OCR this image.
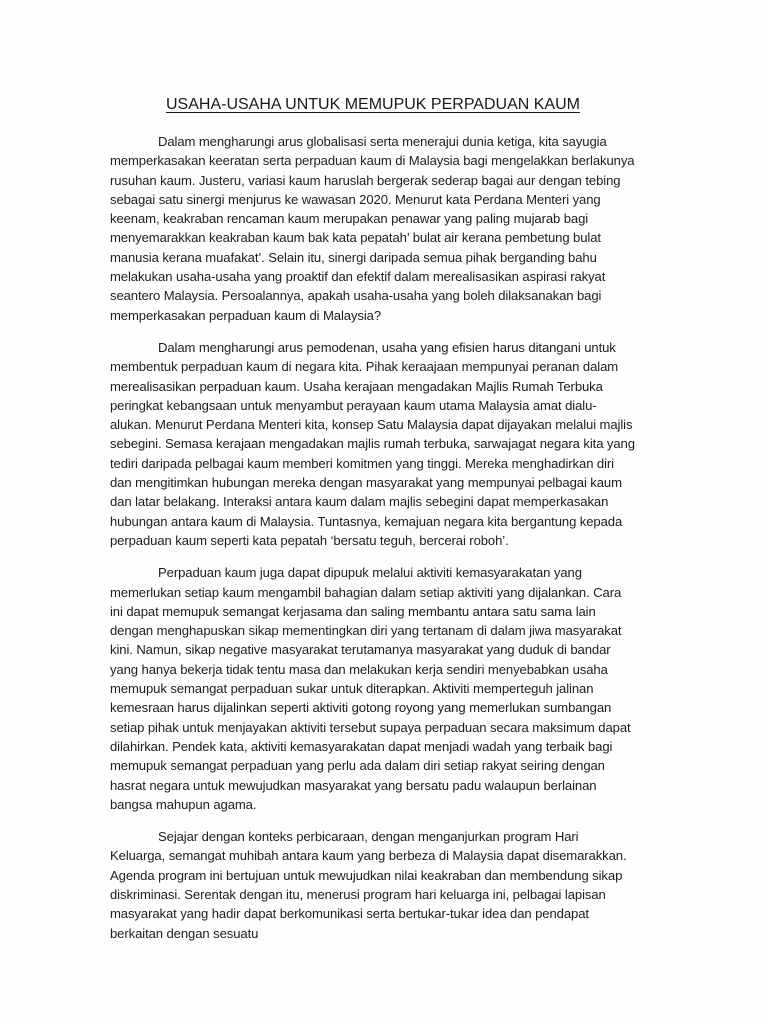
USAHA-USAHA UNTUK MEMUPUK PERPADUAN KAUM

Dalam mengharungi arus globalisasi serta menerajui dunia ketiga, kita sayugia memperkasakan keeratan serta perpaduan kaum di Malaysia bagi mengelakkan berlakunya rusuhan kaum. Justeru, variasi kaum haruslah bergerak sederap bagai aur dengan tebing sebagai satu sinergi menjurus ke wawasan 2020. Menurut kata Perdana Menteri yang keenam, keakraban rencaman kaum merupakan penawar yang paling mujarab bagi menyemarakkan keakraban kaum bak kata pepatah’ bulat air kerana pembetung bulat manusia kerana muafakat’. Selain itu, sinergi daripada semua pihak berganding bahu melakukan usaha-usaha yang proaktif dan efektif dalam merealisasikan aspirasi rakyat seantero Malaysia. Persoalannya, apakah usaha-usaha yang boleh dilaksanakan bagi memperkasakan perpaduan kaum di Malaysia?

Dalam mengharungi arus pemodenan, usaha yang efisien harus ditangani untuk membentuk perpaduan kaum di negara kita. Pihak keraajaan mempunyai peranan dalam merealisasikan perpaduan kaum. Usaha kerajaan mengadakan Majlis Rumah Terbuka peringkat kebangsaan untuk menyambut perayaan kaum utama Malaysia amat dialu-alukan. Menurut Perdana Menteri kita, konsep Satu Malaysia dapat dijayakan melalui majlis sebegini. Semasa kerajaan mengadakan majlis rumah terbuka, sarwajagat negara kita yang tediri daripada pelbagai kaum memberi komitmen yang tinggi. Mereka menghadirkan diri dan mengitimkan hubungan mereka dengan masyarakat yang mempunyai pelbagai kaum dan latar belakang. Interaksi antara kaum dalam majlis sebegini dapat memperkasakan hubungan antara kaum di Malaysia. Tuntasnya, kemajuan negara kita bergantung kepada perpaduan kaum seperti kata pepatah ‘bersatu teguh, bercerai roboh’.

Perpaduan kaum juga dapat dipupuk melalui aktiviti kemasyarakatan yang memerlukan setiap kaum mengambil bahagian dalam setiap aktiviti yang dijalankan. Cara ini dapat memupuk semangat kerjasama dan saling membantu antara satu sama lain dengan menghapuskan sikap mementingkan diri yang tertanam di dalam jiwa masyarakat kini. Namun, sikap negative masyarakat terutamanya masyarakat yang duduk di bandar yang hanya bekerja tidak tentu masa dan melakukan kerja sendiri menyebabkan usaha memupuk semangat perpaduan sukar untuk diterapkan. Aktiviti memperteguh jalinan kemesraan harus dijalinkan seperti aktiviti gotong royong yang memerlukan sumbangan setiap pihak untuk menjayakan aktiviti tersebut supaya perpaduan secara maksimum dapat dilahirkan. Pendek kata, aktiviti kemasyarakatan dapat menjadi wadah yang terbaik bagi memupuk semangat perpaduan yang perlu ada dalam diri setiap rakyat seiring dengan hasrat negara untuk mewujudkan masyarakat yang bersatu padu walaupun berlainan bangsa mahupun agama.

Sejajar dengan konteks perbicaraan, dengan menganjurkan program Hari Keluarga, semangat muhibah antara kaum yang berbeza di Malaysia dapat disemarakkan. Agenda program ini bertujuan untuk mewujudkan nilai keakraban dan membendung sikap diskriminasi. Serentak dengan itu, menerusi program hari keluarga ini, pelbagai lapisan masyarakat yang hadir dapat berkomunikasi serta bertukar-tukar idea dan pendapat berkaitan dengan sesuatu
